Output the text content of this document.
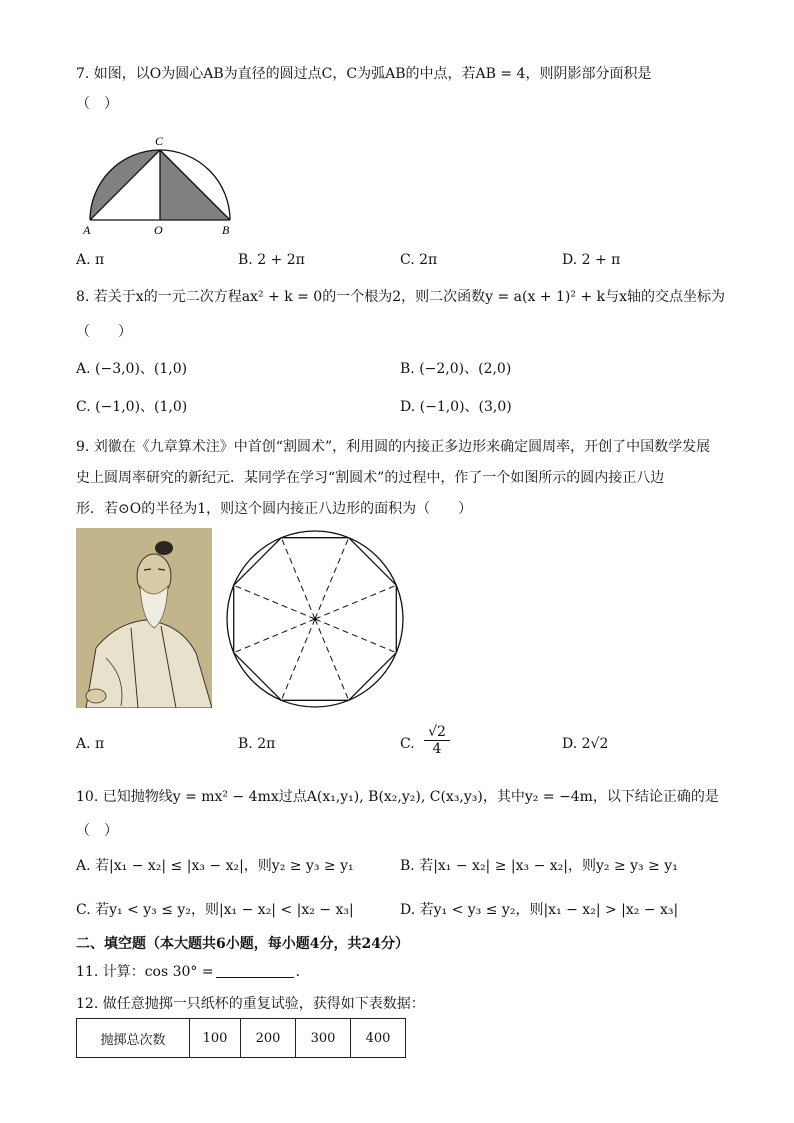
7. 如图，以O为圆心AB为直径的圆过点C，C为弧AB的中点，若AB = 4，则阴影部分面积是
（　）
C
A	O	B
A. π	B. 2 + 2π	C. 2π	D. 2 + π
8. 若关于x的一元二次方程ax² + k = 0的一个根为2，则二次函数y = a(x + 1)² + k与x轴的交点坐标为
（　　）
A. (−3,0)、(1,0)	B. (−2,0)、(2,0)
C. (−1,0)、(1,0)	D. (−1,0)、(3,0)
9. 刘徽在《九章算术注》中首创“割圆术”，利用圆的内接正多边形来确定圆周率，开创了中国数学发展
史上圆周率研究的新纪元．某同学在学习“割圆术”的过程中，作了一个如图所示的圆内接正八边
形．若⊙O的半径为1，则这个圆内接正八边形的面积为（　　）
A. π	B. 2π	C. $\frac{√2}{4}$	D. 2√2
10. 已知抛物线y = mx² − 4mx过点A(x₁,y₁), B(x₂,y₂), C(x₃,y₃)，其中y₂ = −4m，以下结论正确的是
（　）
A. 若|x₁ − x₂| ≤ |x₃ − x₂|，则y₂ ≥ y₃ ≥ y₁	B. 若|x₁ − x₂| ≥ |x₃ − x₂|，则y₂ ≥ y₃ ≥ y₁
C. 若y₁ < y₃ ≤ y₂，则|x₁ − x₂| < |x₂ − x₃|	D. 若y₁ < y₃ ≤ y₂，则|x₁ − x₂| > |x₂ − x₃|
二、填空题（本大题共6小题，每小题4分，共24分）
11. 计算：cos 30° =	．
12. 做任意抛掷一只纸杯的重复试验，获得如下表数据：
抛掷总次数	100	200	300	400
